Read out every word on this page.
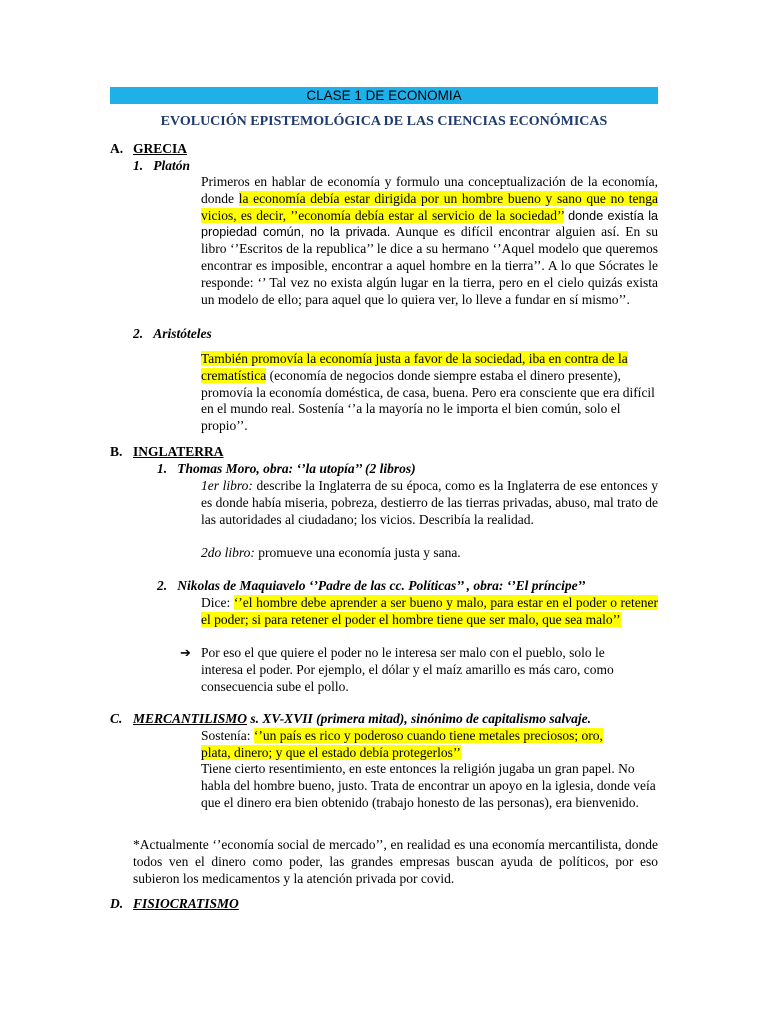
CLASE 1 DE ECONOMIA
EVOLUCIÓN EPISTEMOLÓGICA DE LAS CIENCIAS ECONÓMICAS
A. GRECIA
1. Platón
Primeros en hablar de economía y formulo una conceptualización de la economía, donde la economía debía estar dirigida por un hombre bueno y sano que no tenga vicios, es decir, ’’economía debía estar al servicio de la sociedad’’ donde existía la propiedad común, no la privada. Aunque es difícil encontrar alguien así. En su libro ‘’Escritos de la republica’’ le dice a su hermano ‘’Aquel modelo que queremos encontrar es imposible, encontrar a aquel hombre en la tierra’’. A lo que Sócrates le responde: ‘’ Tal vez no exista algún lugar en la tierra, pero en el cielo quizás exista un modelo de ello; para aquel que lo quiera ver, lo lleve a fundar en sí mismo’’.
2. Aristóteles
También promovía la economía justa a favor de la sociedad, iba en contra de la crematística (economía de negocios donde siempre estaba el dinero presente), promovía la economía doméstica, de casa, buena. Pero era consciente que era difícil en el mundo real. Sostenía ‘’a la mayoría no le importa el bien común, solo el propio’’.
B. INGLATERRA
1. Thomas Moro, obra: ‘’la utopía’’ (2 libros)
1er libro: describe la Inglaterra de su época, como es la Inglaterra de ese entonces y es donde había miseria, pobreza, destierro de las tierras privadas, abuso, mal trato de las autoridades al ciudadano; los vicios. Describía la realidad.
2do libro: promueve una economía justa y sana.
2. Nikolas de Maquiavelo ‘’Padre de las cc. Políticas’’ , obra: ‘’El príncipe’’
Dice: ‘’el hombre debe aprender a ser bueno y malo, para estar en el poder o retener el poder; si para retener el poder el hombre tiene que ser malo, que sea malo’’
➔ Por eso el que quiere el poder no le interesa ser malo con el pueblo, solo le interesa el poder. Por ejemplo, el dólar y el maíz amarillo es más caro, como consecuencia sube el pollo.
C. MERCANTILISMO s. XV-XVII (primera mitad), sinónimo de capitalismo salvaje.
Sostenía: ‘’un país es rico y poderoso cuando tiene metales preciosos; oro, plata, dinero; y que el estado debía protegerlos’’
Tiene cierto resentimiento, en este entonces la religión jugaba un gran papel. No habla del hombre bueno, justo. Trata de encontrar un apoyo en la iglesia, donde veía que el dinero era bien obtenido (trabajo honesto de las personas), era bienvenido.
*Actualmente ‘’economía social de mercado’’, en realidad es una economía mercantilista, donde todos ven el dinero como poder, las grandes empresas buscan ayuda de políticos, por eso subieron los medicamentos y la atención privada por covid.
D. FISIOCRATISMO
